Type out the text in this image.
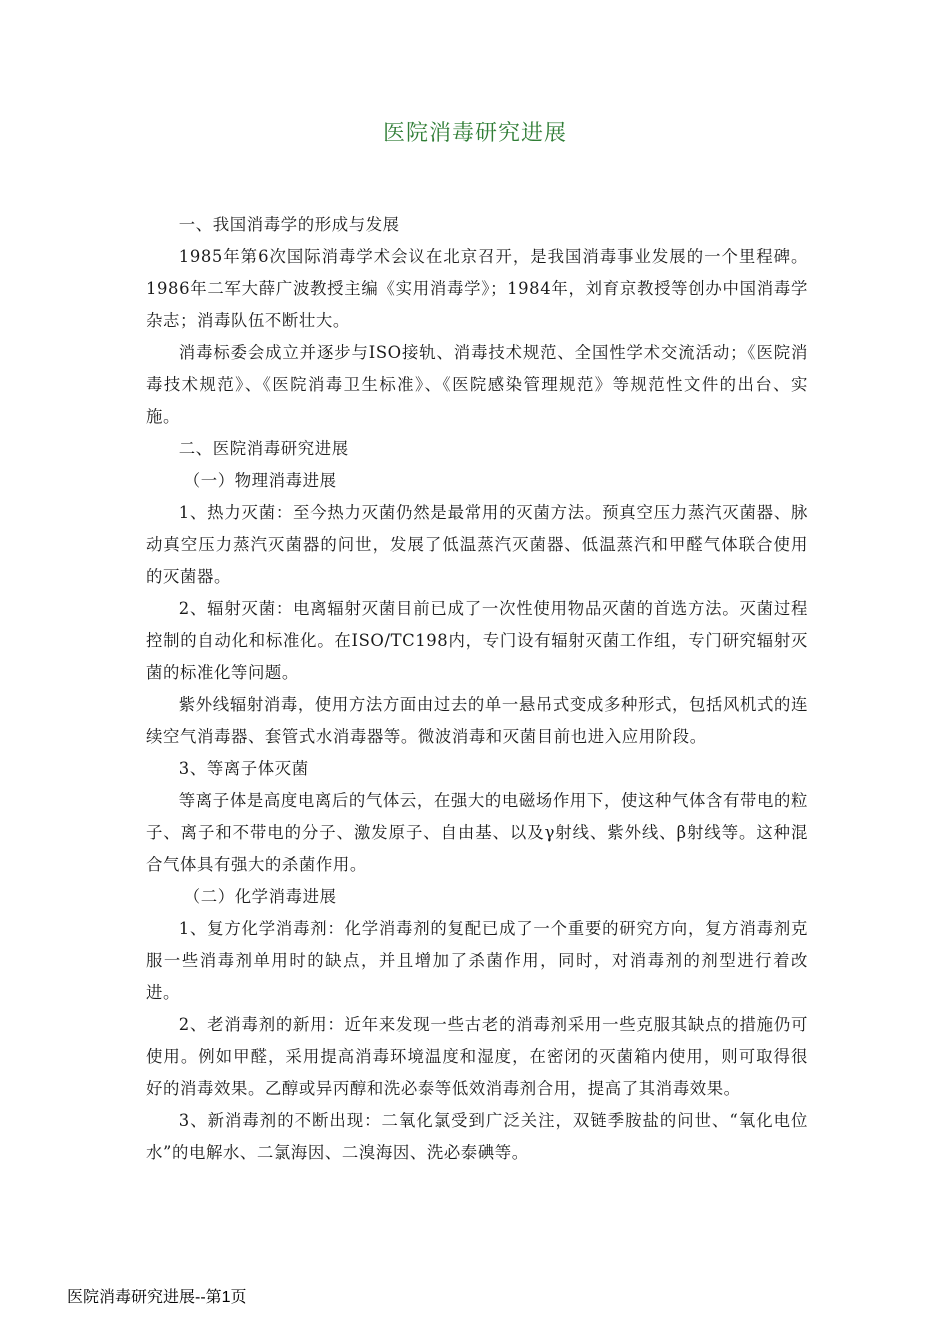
医院消毒研究进展

一、我国消毒学的形成与发展

1985年第6次国际消毒学术会议在北京召开，是我国消毒事业发展的一个里程碑。1986年二军大薛广波教授主编《实用消毒学》；1984年，刘育京教授等创办中国消毒学杂志；消毒队伍不断壮大。

消毒标委会成立并逐步与ISO接轨、消毒技术规范、全国性学术交流活动；《医院消毒技术规范》、《医院消毒卫生标准》、《医院感染管理规范》等规范性文件的出台、实施。

二、医院消毒研究进展

（一）物理消毒进展

1、热力灭菌：至今热力灭菌仍然是最常用的灭菌方法。预真空压力蒸汽灭菌器、脉动真空压力蒸汽灭菌器的问世，发展了低温蒸汽灭菌器、低温蒸汽和甲醛气体联合使用的灭菌器。

2、辐射灭菌：电离辐射灭菌目前已成了一次性使用物品灭菌的首选方法。灭菌过程控制的自动化和标准化。在ISO/TC198内，专门设有辐射灭菌工作组，专门研究辐射灭菌的标准化等问题。

紫外线辐射消毒，使用方法方面由过去的单一悬吊式变成多种形式，包括风机式的连续空气消毒器、套管式水消毒器等。微波消毒和灭菌目前也进入应用阶段。

3、等离子体灭菌

等离子体是高度电离后的气体云，在强大的电磁场作用下，使这种气体含有带电的粒子、离子和不带电的分子、激发原子、自由基、以及γ射线、紫外线、β射线等。这种混合气体具有强大的杀菌作用。

（二）化学消毒进展

1、复方化学消毒剂：化学消毒剂的复配已成了一个重要的研究方向，复方消毒剂克服一些消毒剂单用时的缺点，并且增加了杀菌作用，同时，对消毒剂的剂型进行着改进。

2、老消毒剂的新用：近年来发现一些古老的消毒剂采用一些克服其缺点的措施仍可使用。例如甲醛，采用提高消毒环境温度和湿度，在密闭的灭菌箱内使用，则可取得很好的消毒效果。乙醇或异丙醇和洗必泰等低效消毒剂合用，提高了其消毒效果。

3、新消毒剂的不断出现：二氧化氯受到广泛关注，双链季胺盐的问世、“氧化电位水”的电解水、二氯海因、二溴海因、洗必泰碘等。

医院消毒研究进展--第1页
